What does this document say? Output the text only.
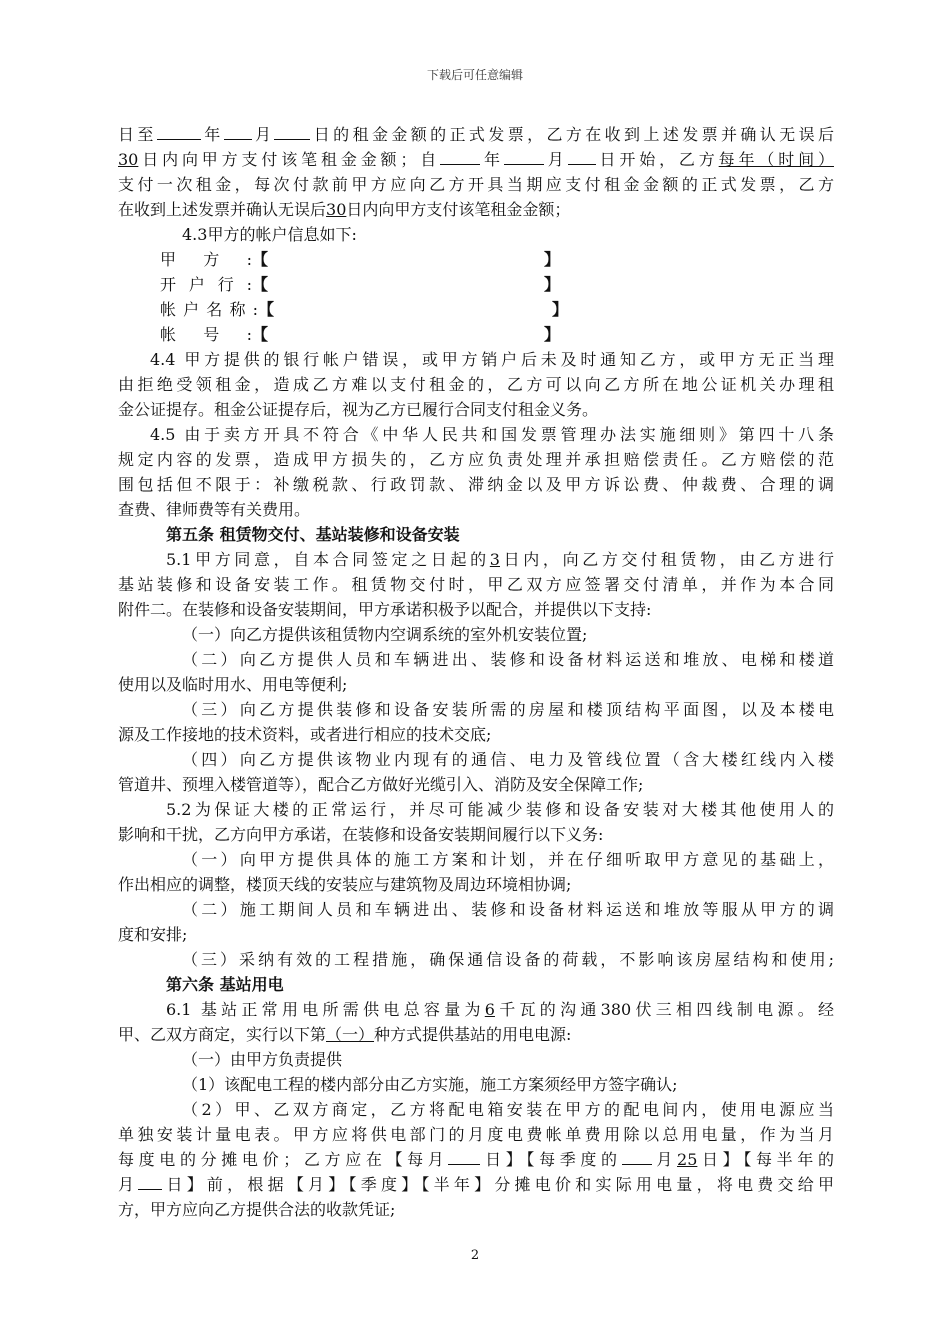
下载后可任意编辑

日至	年 月 日的租金金额的正式发票，乙方在收到上述发票并确认无误后

30日内向甲方支付该笔租金金额；自	年	月 日开始，乙方每年（时间）

支付一次租金，每次付款前甲方应向乙方开具当期应支付租金金额的正式发票，乙方

在收到上述发票并确认无误后30日内向甲方支付该笔租金金额；

4.3甲方的帐户信息如下:

甲方: 【	】

开户行: 【	】

帐户名称: 【	】

帐号: 【	】

4.4 甲方提供的银行帐户错误，或甲方销户后未及时通知乙方，或甲方无正当理

由拒绝受领租金，造成乙方难以支付租金的，乙方可以向乙方所在地公证机关办理租

金公证提存。租金公证提存后，视为乙方已履行合同支付租金义务。

4.5 由于卖方开具不符合《中华人民共和国发票管理办法实施细则》第四十八条

规定内容的发票，造成甲方损失的，乙方应负责处理并承担赔偿责任。乙方赔偿的范

围包括但不限于：补缴税款、行政罚款、滞纳金以及甲方诉讼费、仲裁费、合理的调

查费、律师费等有关费用。

第五条 租赁物交付、基站装修和设备安装

5.1甲方同意，自本合同签定之日起的3日内，向乙方交付租赁物，由乙方进行

基站装修和设备安装工作。租赁物交付时，甲乙双方应签署交付清单，并作为本合同

附件二。在装修和设备安装期间，甲方承诺积极予以配合，并提供以下支持:

（一）向乙方提供该租赁物内空调系统的室外机安装位置;

（二）向乙方提供人员和车辆进出、装修和设备材料运送和堆放、电梯和楼道

使用以及临时用水、用电等便利;

（三）向乙方提供装修和设备安装所需的房屋和楼顶结构平面图，以及本楼电

源及工作接地的技术资料，或者进行相应的技术交底;

（四）向乙方提供该物业内现有的通信、电力及管线位置（含大楼红线内入楼

管道井、预埋入楼管道等），配合乙方做好光缆引入、消防及安全保障工作;

5.2为保证大楼的正常运行，并尽可能减少装修和设备安装对大楼其他使用人的

影响和干扰，乙方向甲方承诺，在装修和设备安装期间履行以下义务:

（一）向甲方提供具体的施工方案和计划，并在仔细听取甲方意见的基础上，

作出相应的调整，楼顶天线的安装应与建筑物及周边环境相协调;

（二）施工期间人员和车辆进出、装修和设备材料运送和堆放等服从甲方的调

度和安排;

（三）采纳有效的工程措施，确保通信设备的荷载，不影响该房屋结构和使用;

第六条 基站用电

6.1 基站正常用电所需供电总容量为6千瓦的沟通380伏三相四线制电源。经

甲、乙双方商定，实行以下第（一）种方式提供基站的用电电源:

（一）由甲方负责提供

（1）该配电工程的楼内部分由乙方实施，施工方案须经甲方签字确认;

（2）甲、乙双方商定，乙方将配电箱安装在甲方的配电间内，使用电源应当

单独安装计量电表。甲方应将供电部门的月度电费帐单费用除以总用电量，作为当月

每度电的分摊电价；乙方应在【每月 日】【每季度的 月25日】【每半年的

月 日】前，根据【月】【季度】【半年】分摊电价和实际用电量，将电费交给甲

方，甲方应向乙方提供合法的收款凭证;

2
